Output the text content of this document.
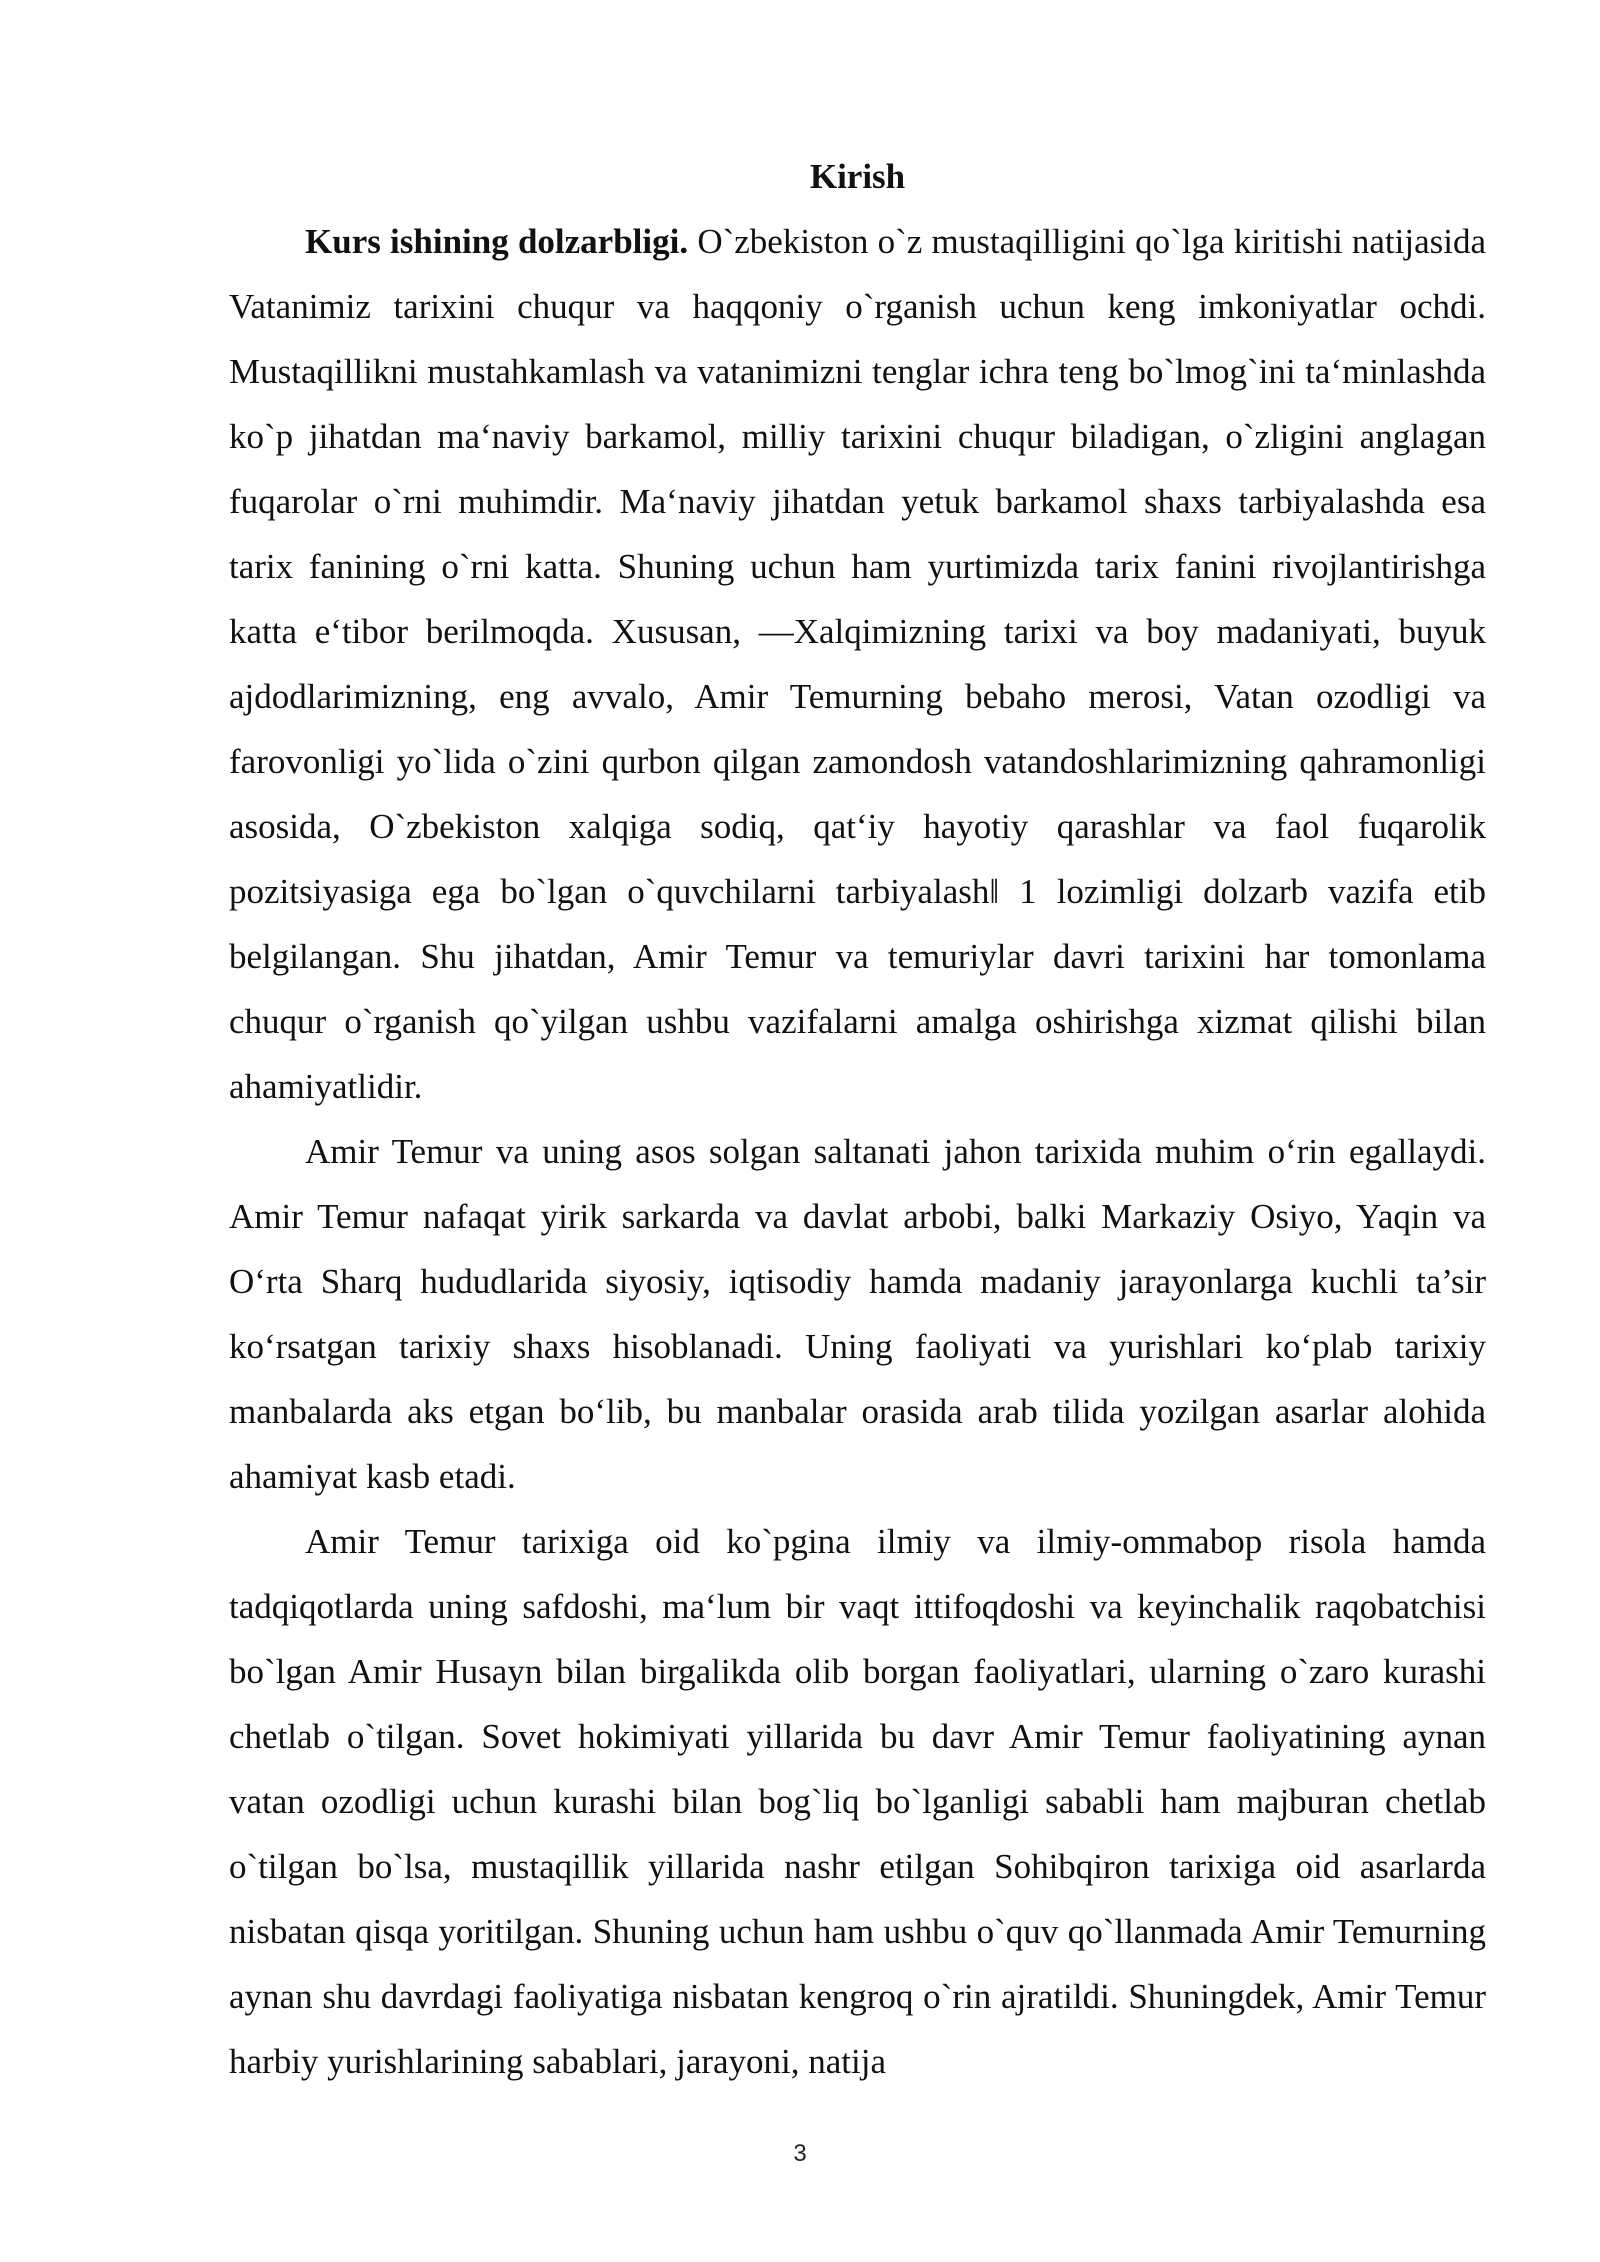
Kirish

Kurs ishining dolzarbligi. O`zbekiston o`z mustaqilligini qo`lga kiritishi natijasida Vatanimiz tarixini chuqur va haqqoniy o`rganish uchun keng imkoniyatlar ochdi. Mustaqillikni mustahkamlash va vatanimizni tenglar ichra teng bo`lmog`ini ta‘minlashda ko`p jihatdan ma‘naviy barkamol, milliy tarixini chuqur biladigan, o`zligini anglagan fuqarolar o`rni muhimdir. Ma‘naviy jihatdan yetuk barkamol shaxs tarbiyalashda esa tarix fanining o`rni katta. Shuning uchun ham yurtimizda tarix fanini rivojlantirishga katta e‘tibor berilmoqda. Xususan, ―Xalqimizning tarixi va boy madaniyati, buyuk ajdodlarimizning, eng avvalo, Amir Temurning bebaho merosi, Vatan ozodligi va farovonligi yo`lida o`zini qurbon qilgan zamondosh vatandoshlarimizning qahramonligi asosida, O`zbekiston xalqiga sodiq, qat‘iy hayotiy qarashlar va faol fuqarolik pozitsiyasiga ega bo`lgan o`quvchilarni tarbiyalash‖ 1 lozimligi dolzarb vazifa etib belgilangan. Shu jihatdan, Amir Temur va temuriylar davri tarixini har tomonlama chuqur o`rganish qo`yilgan ushbu vazifalarni amalga oshirishga xizmat qilishi bilan ahamiyatlidir.

Amir Temur va uning asos solgan saltanati jahon tarixida muhim o‘rin egallaydi. Amir Temur nafaqat yirik sarkarda va davlat arbobi, balki Markaziy Osiyo, Yaqin va O‘rta Sharq hududlarida siyosiy, iqtisodiy hamda madaniy jarayonlarga kuchli ta’sir ko‘rsatgan tarixiy shaxs hisoblanadi. Uning faoliyati va yurishlari ko‘plab tarixiy manbalarda aks etgan bo‘lib, bu manbalar orasida arab tilida yozilgan asarlar alohida ahamiyat kasb etadi.

Amir Temur tarixiga oid ko`pgina ilmiy va ilmiy-ommabop risola hamda tadqiqotlarda uning safdoshi, ma‘lum bir vaqt ittifoqdoshi va keyinchalik raqobatchisi bo`lgan Amir Husayn bilan birgalikda olib borgan faoliyatlari, ularning o`zaro kurashi chetlab o`tilgan. Sovet hokimiyati yillarida bu davr Amir Temur faoliyatining aynan vatan ozodligi uchun kurashi bilan bog`liq bo`lganligi sababli ham majburan chetlab o`tilgan bo`lsa, mustaqillik yillarida nashr etilgan Sohibqiron tarixiga oid asarlarda nisbatan qisqa yoritilgan. Shuning uchun ham ushbu o`quv qo`llanmada Amir Temurning aynan shu davrdagi faoliyatiga nisbatan kengroq o`rin ajratildi. Shuningdek, Amir Temur harbiy yurishlarining sabablari, jarayoni, natija

3
